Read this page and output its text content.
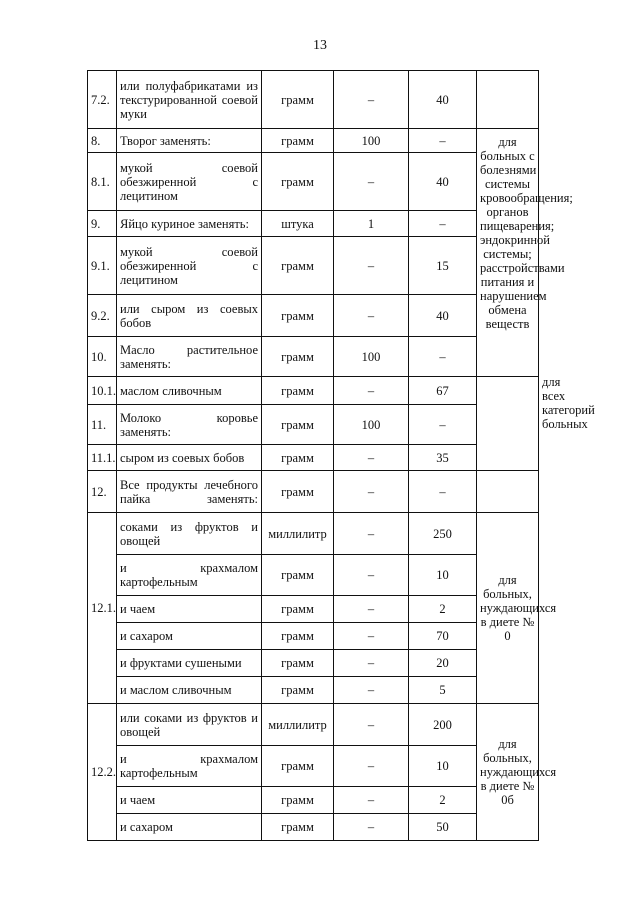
13
7.2.	или полуфабрикатами из текстурированной соевой муки	грамм	–	40		
8.	Творог заменять:	грамм	100	–	для больных с болезнями системы кровообращения; органов пищеварения; эндокринной системы; расстройствами питания и нарушением обмена веществ	
8.1.	мукой соевой обезжиренной с лецитином	грамм	–	40		
9.	Яйцо куриное заменять:	штука	1	–		
9.1.	мукой соевой обезжиренной с лецитином	грамм	–	15		
9.2.	или сыром из соевых бобов	грамм	–	40		
10.	Масло растительное заменять:	грамм	100	–		для всех категорий больных
10.1.	маслом сливочным	грамм	–	67		
11.	Молоко коровье заменять:	грамм	100	–		
11.1.	сыром из соевых бобов	грамм	–	35		
12.	Все продукты лечебного пайка заменять:	грамм	–	–		
12.1.	соками из фруктов и овощей	миллилитр	–	250	для больных, нуждающихся в диете № 0	
	и крахмалом картофельным	грамм	–	10		
	и чаем	грамм	–	2		
	и сахаром	грамм	–	70		
	и фруктами сушеными	грамм	–	20		
	и маслом сливочным	грамм	–	5		
12.2.	или соками из фруктов и овощей	миллилитр	–	200	для больных, нуждающихся в диете № 0б	
	и крахмалом картофельным	грамм	–	10		
	и чаем	грамм	–	2		
	и сахаром	грамм	–	50		
